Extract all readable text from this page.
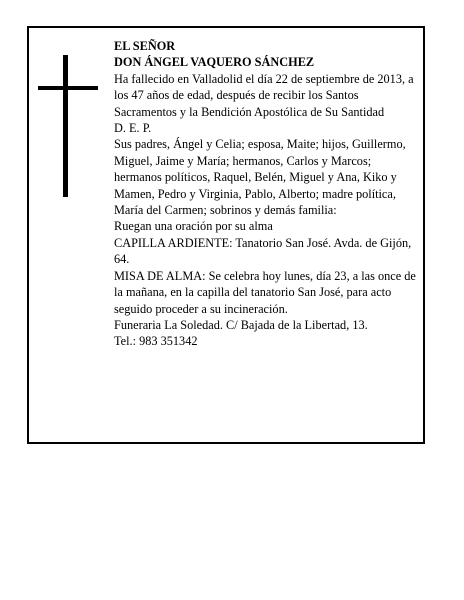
EL SEÑOR

DON ÁNGEL VAQUERO SÁNCHEZ

Ha fallecido en Valladolid el día 22 de septiembre de 2013, a los 47 años de edad, después de recibir los Santos Sacramentos y la Bendición Apostólica de Su Santidad

D. E. P.

Sus padres, Ángel y Celia; esposa, Maite; hijos, Guillermo, Miguel, Jaime y María; hermanos, Carlos y Marcos; hermanos políticos, Raquel, Belén, Miguel y Ana, Kiko y Mamen, Pedro y Virginia, Pablo, Alberto; madre política, María del Carmen; sobrinos y demás familia:

Ruegan una oración por su alma

CAPILLA ARDIENTE: Tanatorio San José. Avda. de Gijón, 64.

MISA DE ALMA: Se celebra hoy lunes, día 23, a las once de la mañana, en la capilla del tanatorio San José, para acto seguido proceder a su incineración.

Funeraria La Soledad. C/ Bajada de la Libertad, 13.

Tel.: 983 351342
